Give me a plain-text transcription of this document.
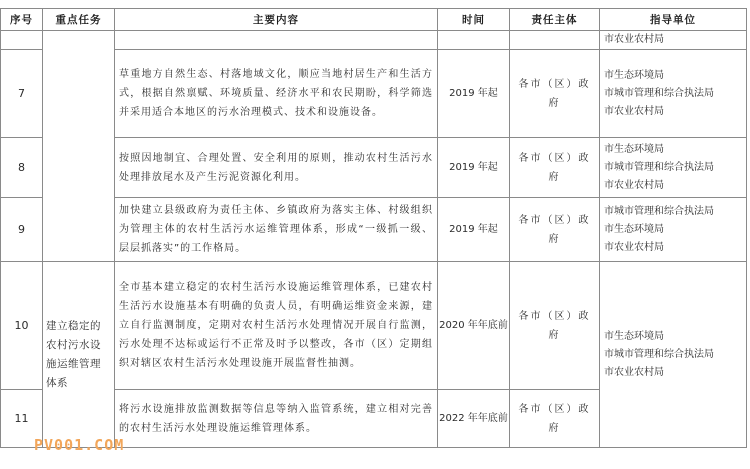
序号	重点任务	主要内容	时间	责任主体	指导单位

					市农业农村局

7		草重地方自然生态、村落地域文化，顺应当地村居生产和生活方式，根据自然禀赋、环境质量、经济水平和农民期盼，科学筛选并采用适合本地区的污水治理模式、技术和设施设备。	2019 年起	各市（区）政府	市生态环境局
市城市管理和综合执法局
市农业农村局

8		按照因地制宜、合理处置、安全利用的原则，推动农村生活污水处理排放尾水及产生污泥资源化利用。	2019 年起	各市（区）政府	市生态环境局
市城市管理和综合执法局
市农业农村局

9		加快建立县级政府为责任主体、乡镇政府为落实主体、村级组织为管理主体的农村生活污水运维管理体系，形成“一级抓一级、层层抓落实”的工作格局。	2019 年起	各市（区）政府	市城市管理和综合执法局
市生态环境局
市农业农村局

10	建立稳定的农村污水设施运维管理体系	全市基本建立稳定的农村生活污水设施运维管理体系，已建农村生活污水设施基本有明确的负责人员，有明确运维资金来源，建立自行监测制度，定期对农村生活污水处理情况开展自行监测，污水处理不达标或运行不正常及时予以整改，各市（区）定期组织对辖区农村生活污水处理设施开展监督性抽测。	2020 年年底前	各市（区）政府	市生态环境局
市城市管理和综合执法局
市农业农村局

11		将污水设施排放监测数据等信息等纳入监管系统，建立相对完善的农村生活污水处理设施运维管理体系。	2022 年年底前	各市（区）政府	
PV001.COM
